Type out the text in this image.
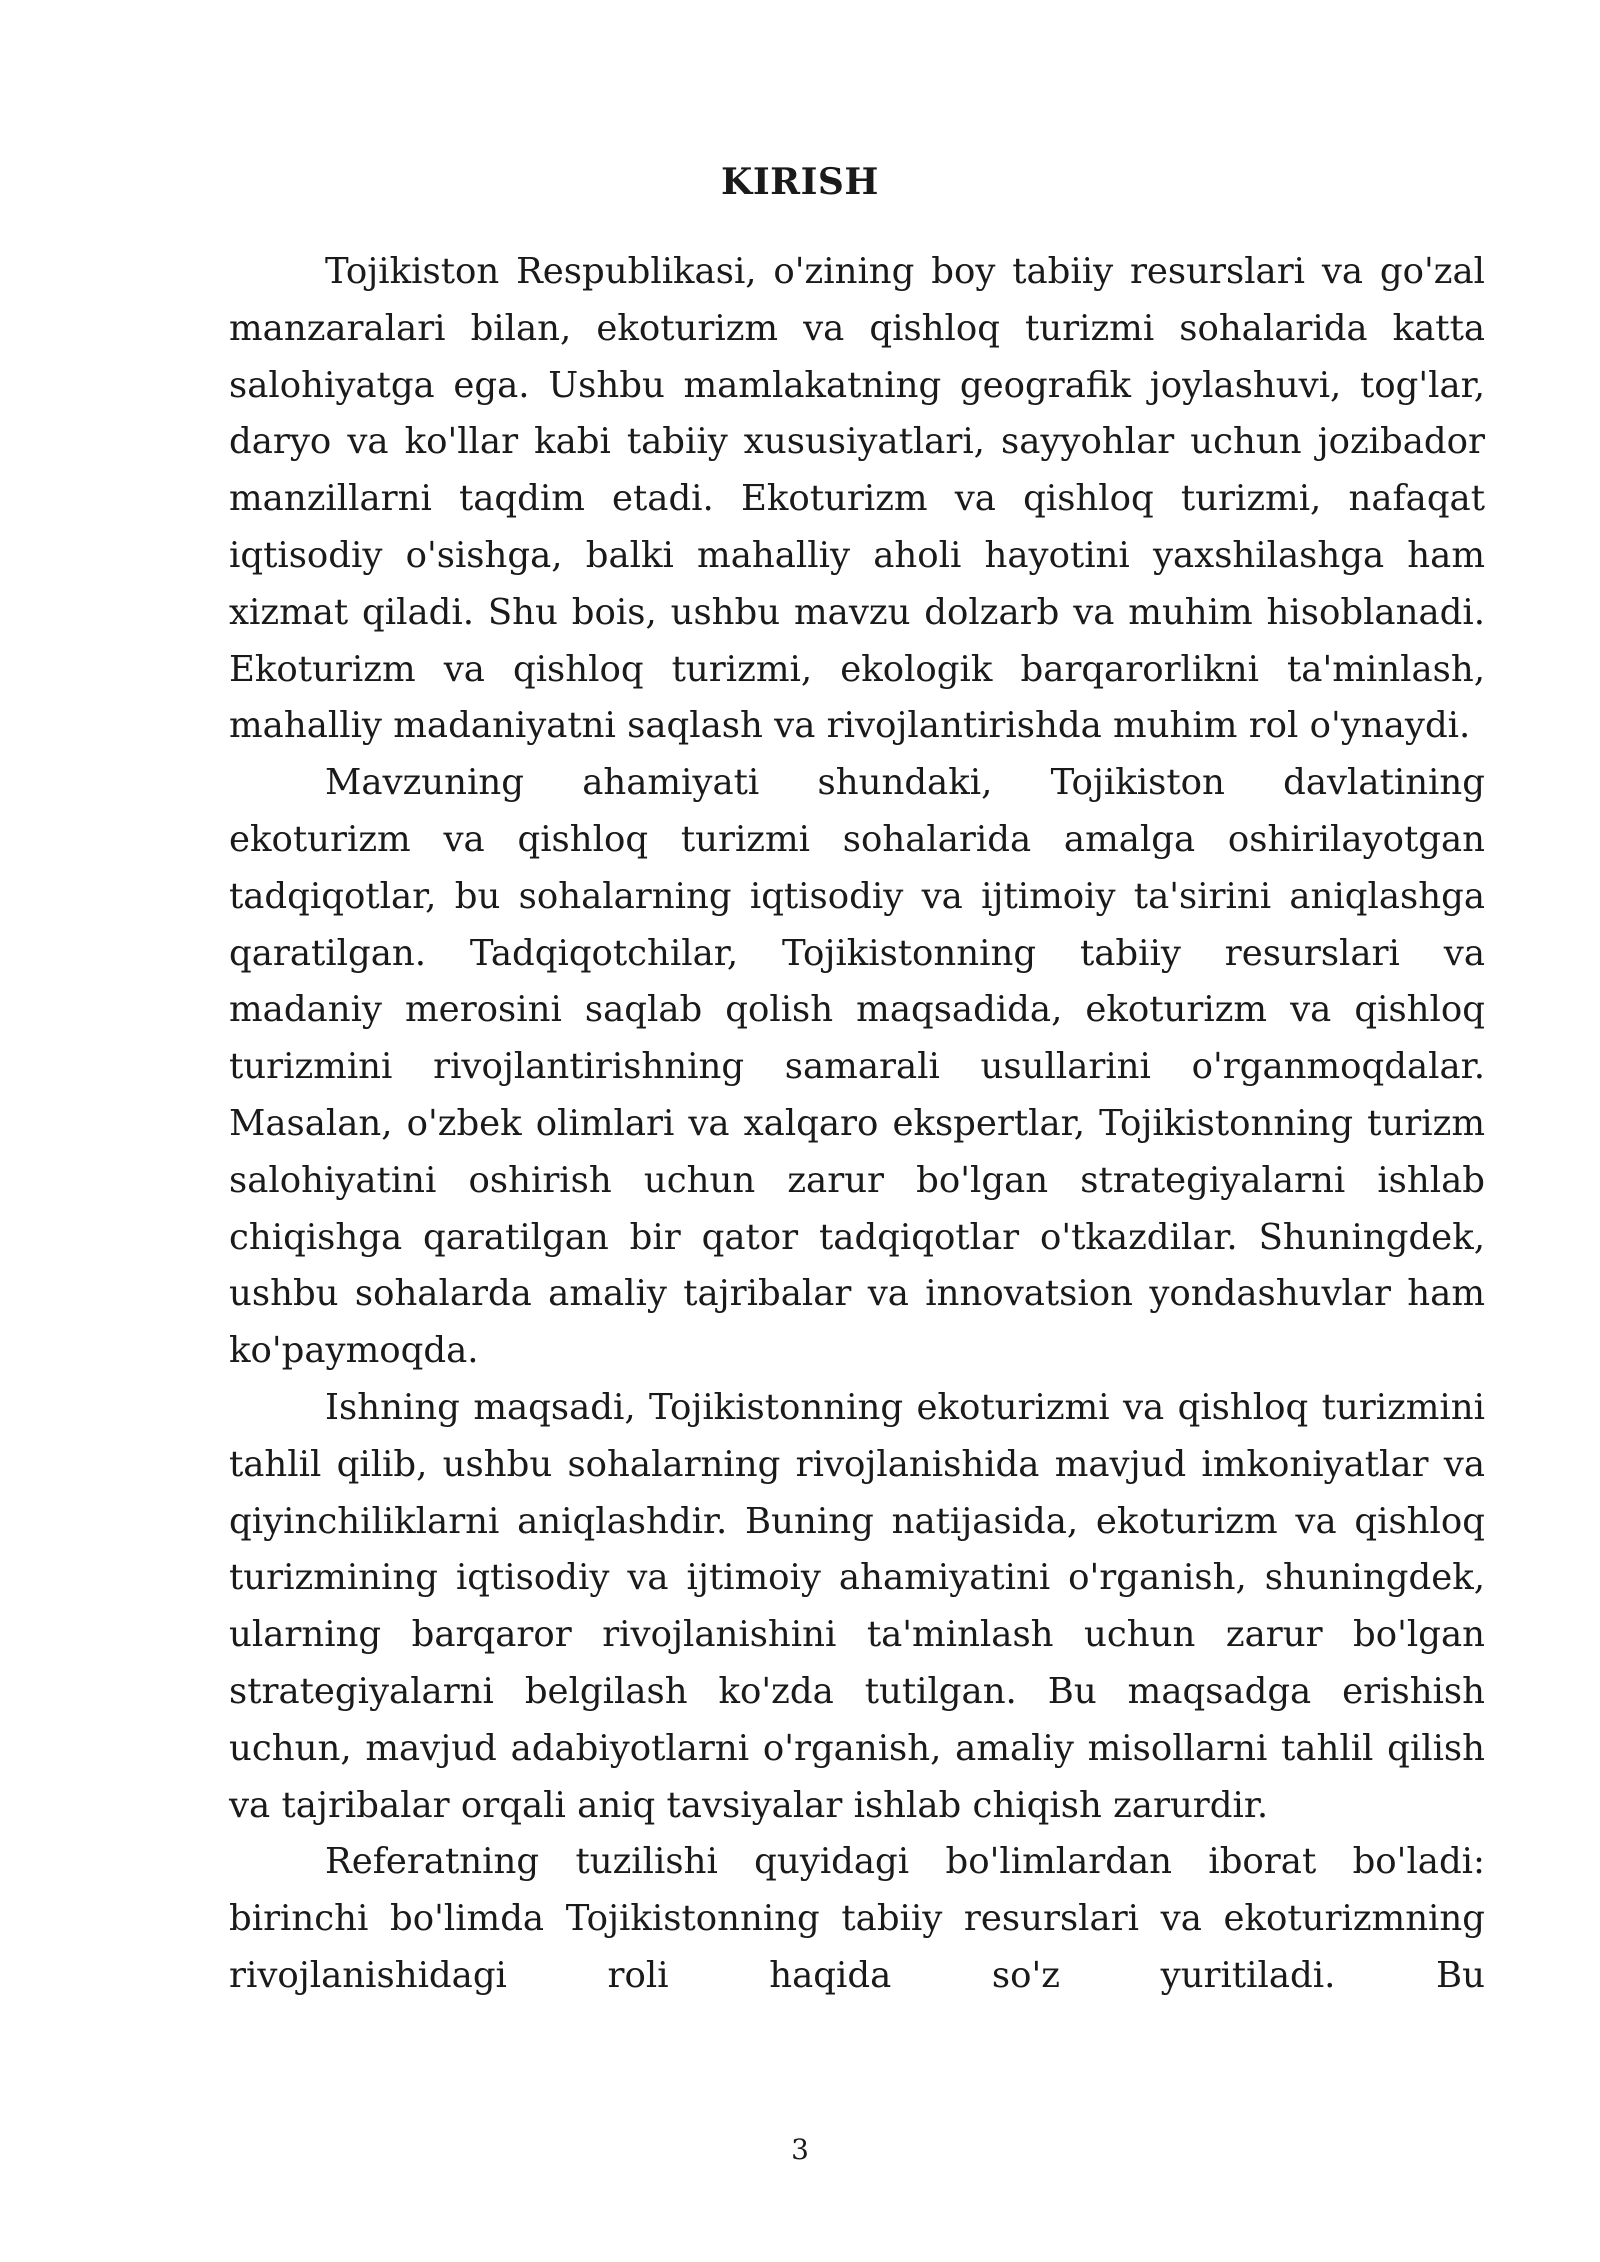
KIRISH

Tojikiston Respublikasi, o'zining boy tabiiy resurslari va go'zal manzaralari bilan, ekoturizm va qishloq turizmi sohalarida katta salohiyatga ega. Ushbu mamlakatning geografik joylashuvi, tog'lar, daryo va ko'llar kabi tabiiy xususiyatlari, sayyohlar uchun jozibador manzillarni taqdim etadi. Ekoturizm va qishloq turizmi, nafaqat iqtisodiy o'sishga, balki mahalliy aholi hayotini yaxshilashga ham xizmat qiladi. Shu bois, ushbu mavzu dolzarb va muhim hisoblanadi. Ekoturizm va qishloq turizmi, ekologik barqarorlikni ta'minlash, mahalliy madaniyatni saqlash va rivojlantirishda muhim rol o'ynaydi.

Mavzuning ahamiyati shundaki, Tojikiston davlatining ekoturizm va qishloq turizmi sohalarida amalga oshirilayotgan tadqiqotlar, bu sohalarning iqtisodiy va ijtimoiy ta'sirini aniqlashga qaratilgan. Tadqiqotchilar, Tojikistonning tabiiy resurslari va madaniy merosini saqlab qolish maqsadida, ekoturizm va qishloq turizmini rivojlantirishning samarali usullarini o'rganmoqdalar. Masalan, o'zbek olimlari va xalqaro ekspertlar, Tojikistonning turizm salohiyatini oshirish uchun zarur bo'lgan strategiyalarni ishlab chiqishga qaratilgan bir qator tadqiqotlar o'tkazdilar. Shuningdek, ushbu sohalarda amaliy tajribalar va innovatsion yondashuvlar ham ko'paymoqda.

Ishning maqsadi, Tojikistonning ekoturizmi va qishloq turizmini tahlil qilib, ushbu sohalarning rivojlanishida mavjud imkoniyatlar va qiyinchiliklarni aniqlashdir. Buning natijasida, ekoturizm va qishloq turizmining iqtisodiy va ijtimoiy ahamiyatini o'rganish, shuningdek, ularning barqaror rivojlanishini ta'minlash uchun zarur bo'lgan strategiyalarni belgilash ko'zda tutilgan. Bu maqsadga erishish uchun, mavjud adabiyotlarni o'rganish, amaliy misollarni tahlil qilish va tajribalar orqali aniq tavsiyalar ishlab chiqish zarurdir.

Referatning tuzilishi quyidagi bo'limlardan iborat bo'ladi: birinchi bo'limda Tojikistonning tabiiy resurslari va ekoturizmning rivojlanishidagi roli haqida so'z yuritiladi. Bu

3
